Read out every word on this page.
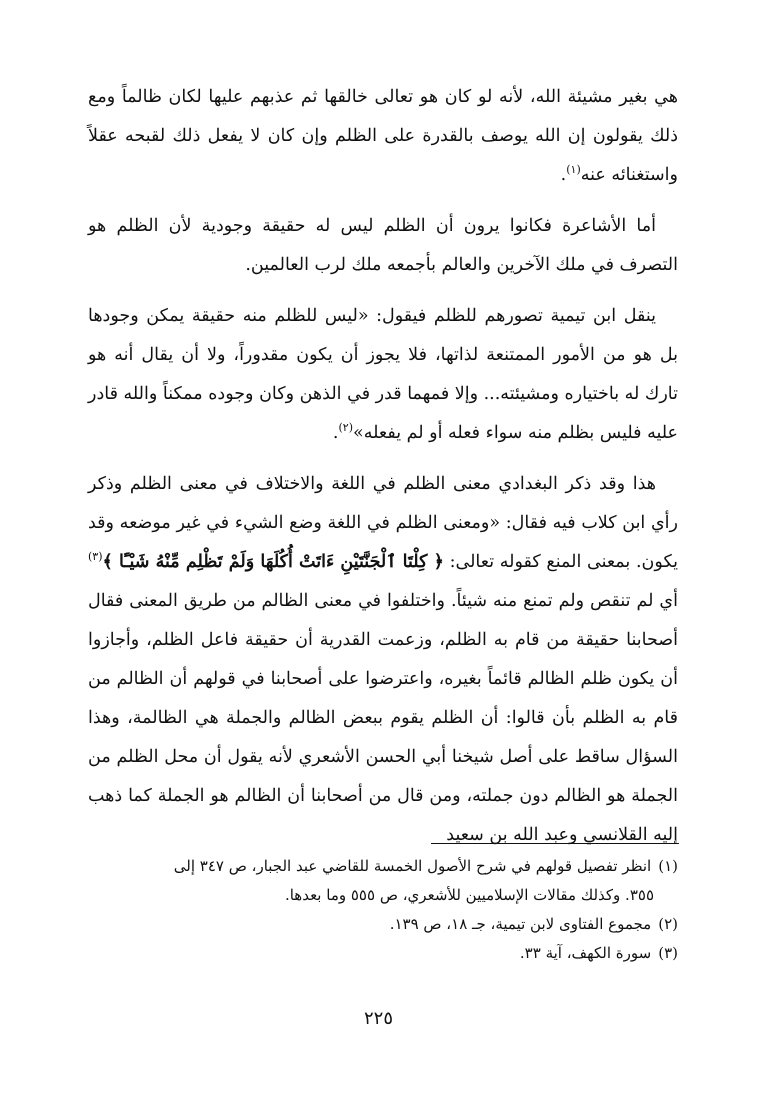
هي بغير مشيئة الله، لأنه لو كان هو تعالى خالقها ثم عذبهم عليها لكان ظالماً ومع ذلك يقولون إن الله يوصف بالقدرة على الظلم وإن كان لا يفعل ذلك لقبحه عقلاً واستغنائه عنه$^{(١)}$.

أما الأشاعرة فكانوا يرون أن الظلم ليس له حقيقة وجودية لأن الظلم هو التصرف في ملك الآخرين والعالم بأجمعه ملك لرب العالمين.

ينقل ابن تيمية تصورهم للظلم فيقول: «ليس للظلم منه حقيقة يمكن وجودها بل هو من الأمور الممتنعة لذاتها، فلا يجوز أن يكون مقدوراً، ولا أن يقال أنه هو تارك له باختياره ومشيئته... وإلا فمهما قدر في الذهن وكان وجوده ممكناً والله قادر عليه فليس بظلم منه سواء فعله أو لم يفعله»$^{(٢)}$.

هذا وقد ذكر البغدادي معنى الظلم في اللغة والاختلاف في معنى الظلم وذكر رأي ابن كلاب فيه فقال: «ومعنى الظلم في اللغة وضع الشيء في غير موضعه وقد يكون. بمعنى المنع كقوله تعالى: ﴿ كِلْتَا ٱلْجَنَّتَيْنِ ءَاتَتْ أُكُلَهَا وَلَمْ تَظْلِم مِّنْهُ شَيْـًٔا ﴾$^{(٣)}$ أي لم تنقص ولم تمنع منه شيئاً. واختلفوا في معنى الظالم من طريق المعنى فقال أصحابنا حقيقة من قام به الظلم، وزعمت القدرية أن حقيقة فاعل الظلم، وأجازوا أن يكون ظلم الظالم قائماً بغيره، واعترضوا على أصحابنا في قولهم أن الظالم من قام به الظلم بأن قالوا: أن الظلم يقوم ببعض الظالم والجملة هي الظالمة، وهذا السؤال ساقط على أصل شيخنا أبي الحسن الأشعري لأنه يقول أن محل الظلم من الجملة هو الظالم دون جملته، ومن قال من أصحابنا أن الظالم هو الجملة كما ذهب إليه القلانسي وعبد الله بن سعيد

(١) انظر تفصيل قولهم في شرح الأصول الخمسة للقاضي عبد الجبار، ص ٣٤٧ إلى

٣٥٥. وكذلك مقالات الإسلاميين للأشعري، ص ٥٥٥ وما بعدها.

(٢) مجموع الفتاوى لابن تيمية، جـ ١٨، ص ١٣٩.

(٣) سورة الكهف، آية ٣٣.

٢٢٥
